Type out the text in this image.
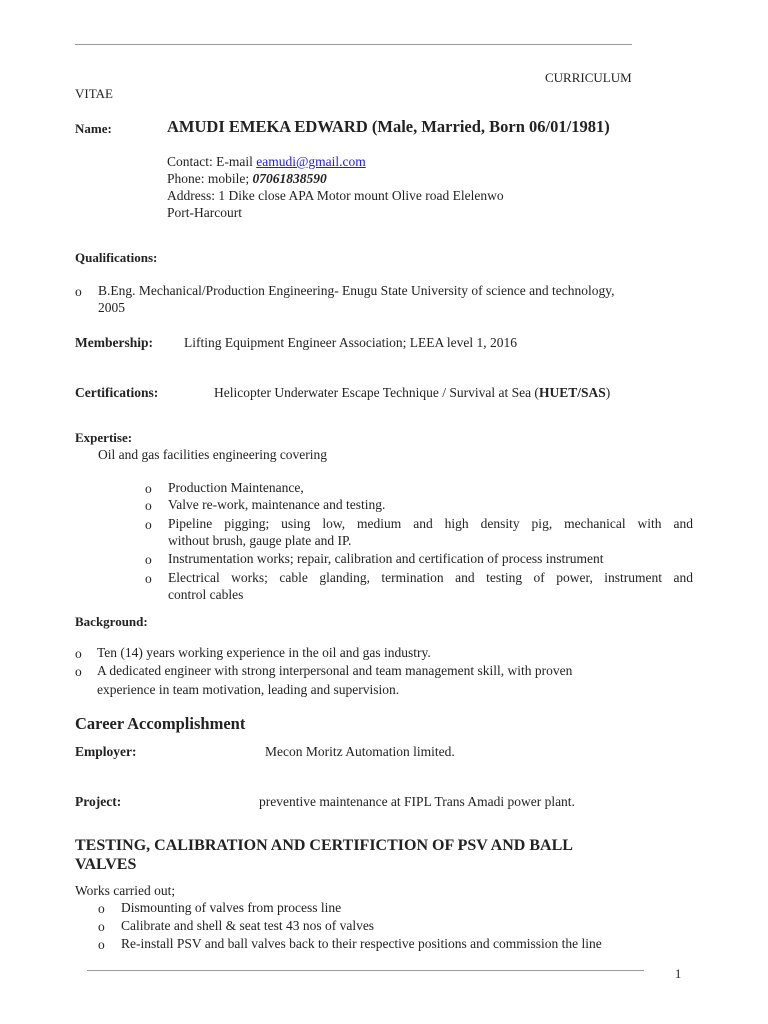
CURRICULUM
VITAE
Name:	AMUDI EMEKA EDWARD (Male, Married, Born 06/01/1981)
Contact: E-mail eamudi@gmail.com
Phone: mobile; 07061838590
Address: 1 Dike close APA Motor mount Olive road Elelenwo
Port-Harcourt
Qualifications:
o B.Eng. Mechanical/Production Engineering- Enugu State University of science and technology,
2005
Membership: Lifting Equipment Engineer Association; LEEA level 1, 2016
Certifications:	Helicopter Underwater Escape Technique / Survival at Sea (HUET/SAS)
Expertise:
Oil and gas facilities engineering covering
o Production Maintenance,
o Valve re-work, maintenance and testing.
o Pipeline pigging; using low, medium and high density pig, mechanical with and
without brush, gauge plate and IP.
o Instrumentation works; repair, calibration and certification of process instrument
o Electrical works; cable glanding, termination and testing of power, instrument and
control cables
Background:
o Ten (14) years working experience in the oil and gas industry.
o A dedicated engineer with strong interpersonal and team management skill, with proven
experience in team motivation, leading and supervision.
Career Accomplishment
Employer:	Mecon Moritz Automation limited.
Project:	preventive maintenance at FIPL Trans Amadi power plant.
TESTING, CALIBRATION AND CERTIFICTION OF PSV AND BALL
VALVES
Works carried out;
o Dismounting of valves from process line
o Calibrate and shell & seat test 43 nos of valves
o Re-install PSV and ball valves back to their respective positions and commission the line
1
